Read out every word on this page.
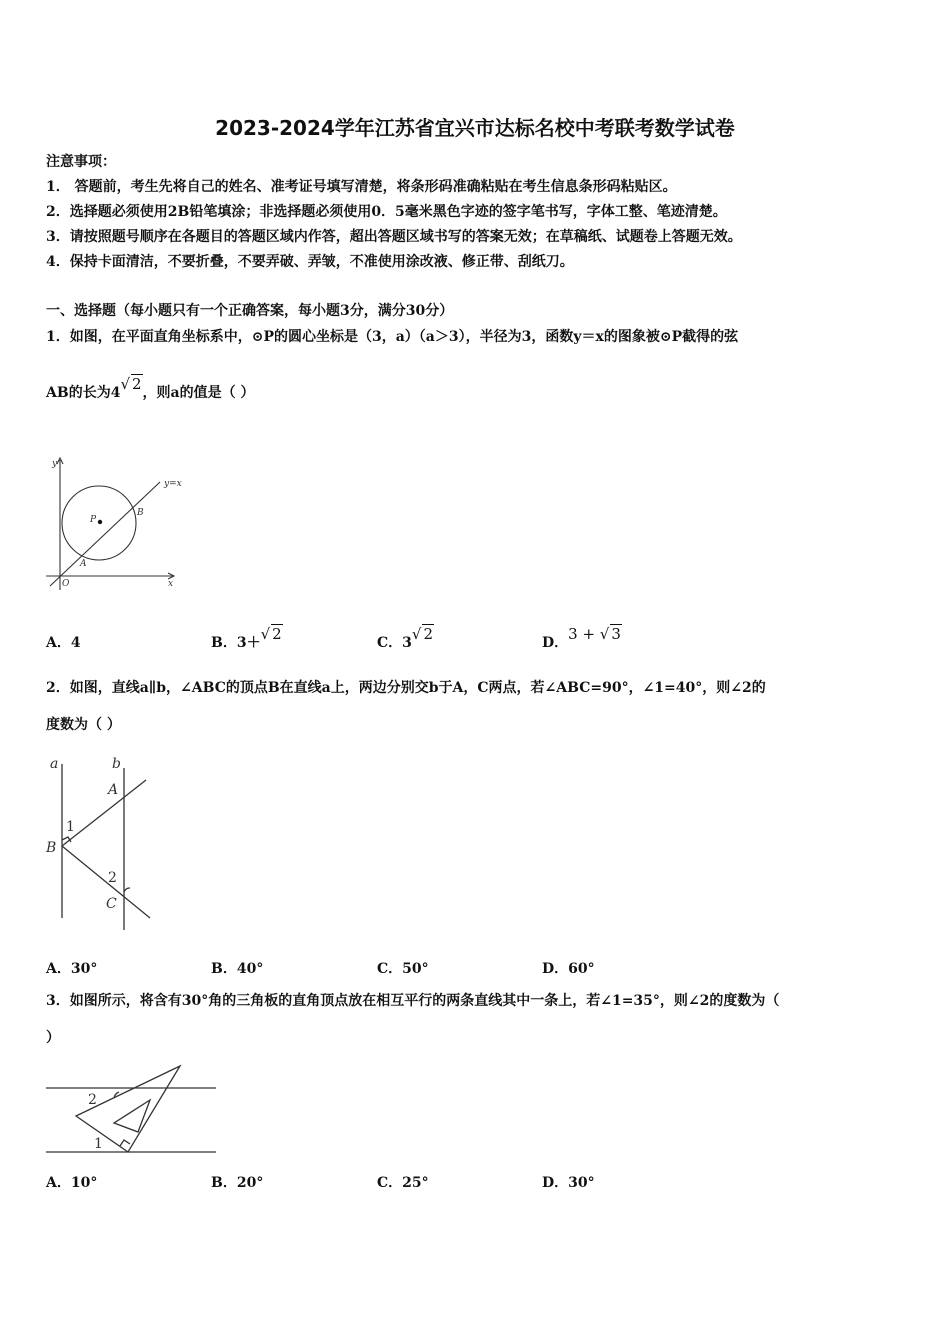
2023-2024学年江苏省宜兴市达标名校中考联考数学试卷
注意事项：
1． 答题前，考生先将自己的姓名、准考证号填写清楚，将条形码准确粘贴在考生信息条形码粘贴区。
2．选择题必须使用2B铅笔填涂；非选择题必须使用0．5毫米黑色字迹的签字笔书写，字体工整、笔迹清楚。
3．请按照题号顺序在各题目的答题区域内作答，超出答题区域书写的答案无效；在草稿纸、试题卷上答题无效。
4．保持卡面清洁，不要折叠，不要弄破、弄皱，不准使用涂改液、修正带、刮纸刀。
一、选择题（每小题只有一个正确答案，每小题3分，满分30分）
1．如图，在平面直角坐标系中，⊙P的圆心坐标是（3，a）（a＞3），半径为3，函数y＝x的图象被⊙P截得的弦
AB的长为4√ 2，则a的值是（ ）
y
y=x
P
B
A
O	x
A．4	B．3＋√ 2	C．3√ 2	D．3 + √ 3
2．如图，直线a∥b，∠ABC的顶点B在直线a上，两边分别交b于A，C两点，若∠ABC=90°，∠1=40°，则∠2的
度数为（ ）
a	b
A
1
B
2
C
A．30°	B．40°	C．50°	D．60°
3．如图所示，将含有30°角的三角板的直角顶点放在相互平行的两条直线其中一条上，若∠1=35°，则∠2的度数为（
）
2
1
A．10°	B．20°	C．25°	D．30°
